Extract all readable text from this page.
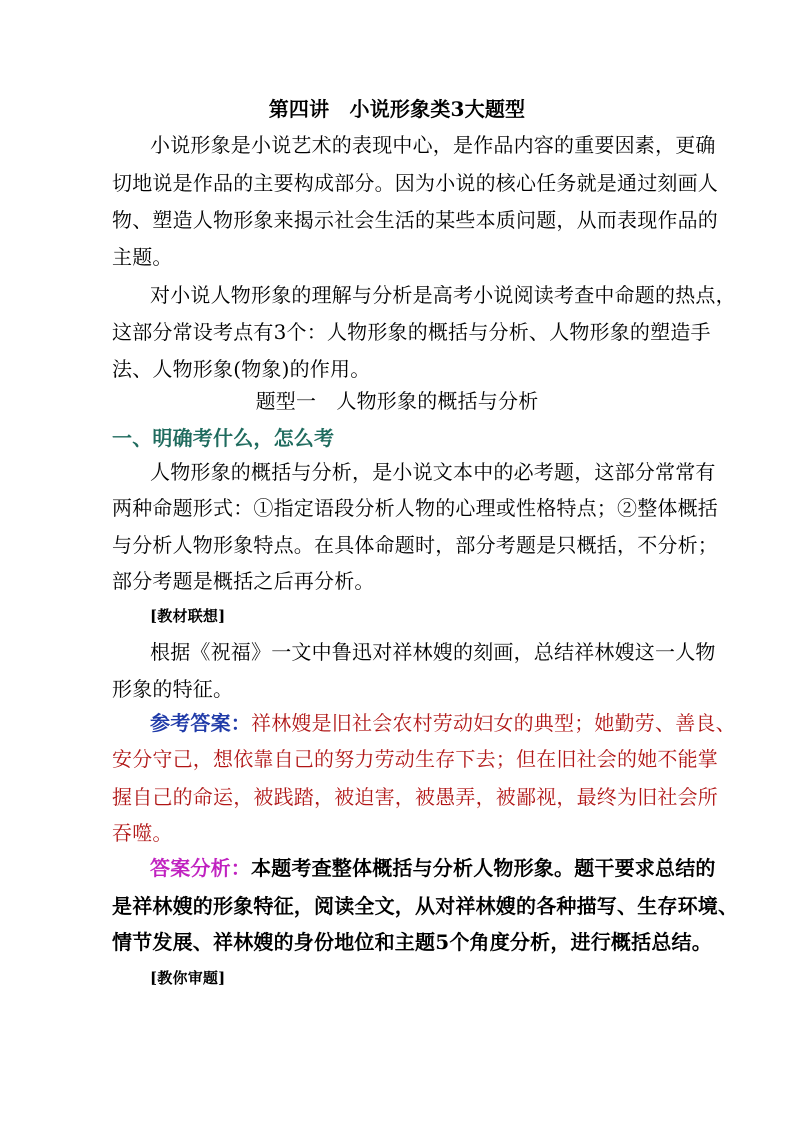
第四讲　小说形象类3大题型
小说形象是小说艺术的表现中心，是作品内容的重要因素，更确
切地说是作品的主要构成部分。因为小说的核心任务就是通过刻画人
物、塑造人物形象来揭示社会生活的某些本质问题，从而表现作品的
主题。
对小说人物形象的理解与分析是高考小说阅读考查中命题的热点，
这部分常设考点有3个：人物形象的概括与分析、人物形象的塑造手
法、人物形象(物象)的作用。
题型一　人物形象的概括与分析
一、明确考什么，怎么考
人物形象的概括与分析，是小说文本中的必考题，这部分常常有
两种命题形式：①指定语段分析人物的心理或性格特点；②整体概括
与分析人物形象特点。在具体命题时，部分考题是只概括，不分析；
部分考题是概括之后再分析。
[教材联想]
根据《祝福》一文中鲁迅对祥林嫂的刻画，总结祥林嫂这一人物
形象的特征。
参考答案：祥林嫂是旧社会农村劳动妇女的典型；她勤劳、善良、
安分守己，想依靠自己的努力劳动生存下去；但在旧社会的她不能掌
握自己的命运，被践踏，被迫害，被愚弄，被鄙视，最终为旧社会所
吞噬。
答案分析：本题考查整体概括与分析人物形象。题干要求总结的
是祥林嫂的形象特征，阅读全文，从对祥林嫂的各种描写、生存环境、
情节发展、祥林嫂的身份地位和主题5个角度分析，进行概括总结。
[教你审题]
